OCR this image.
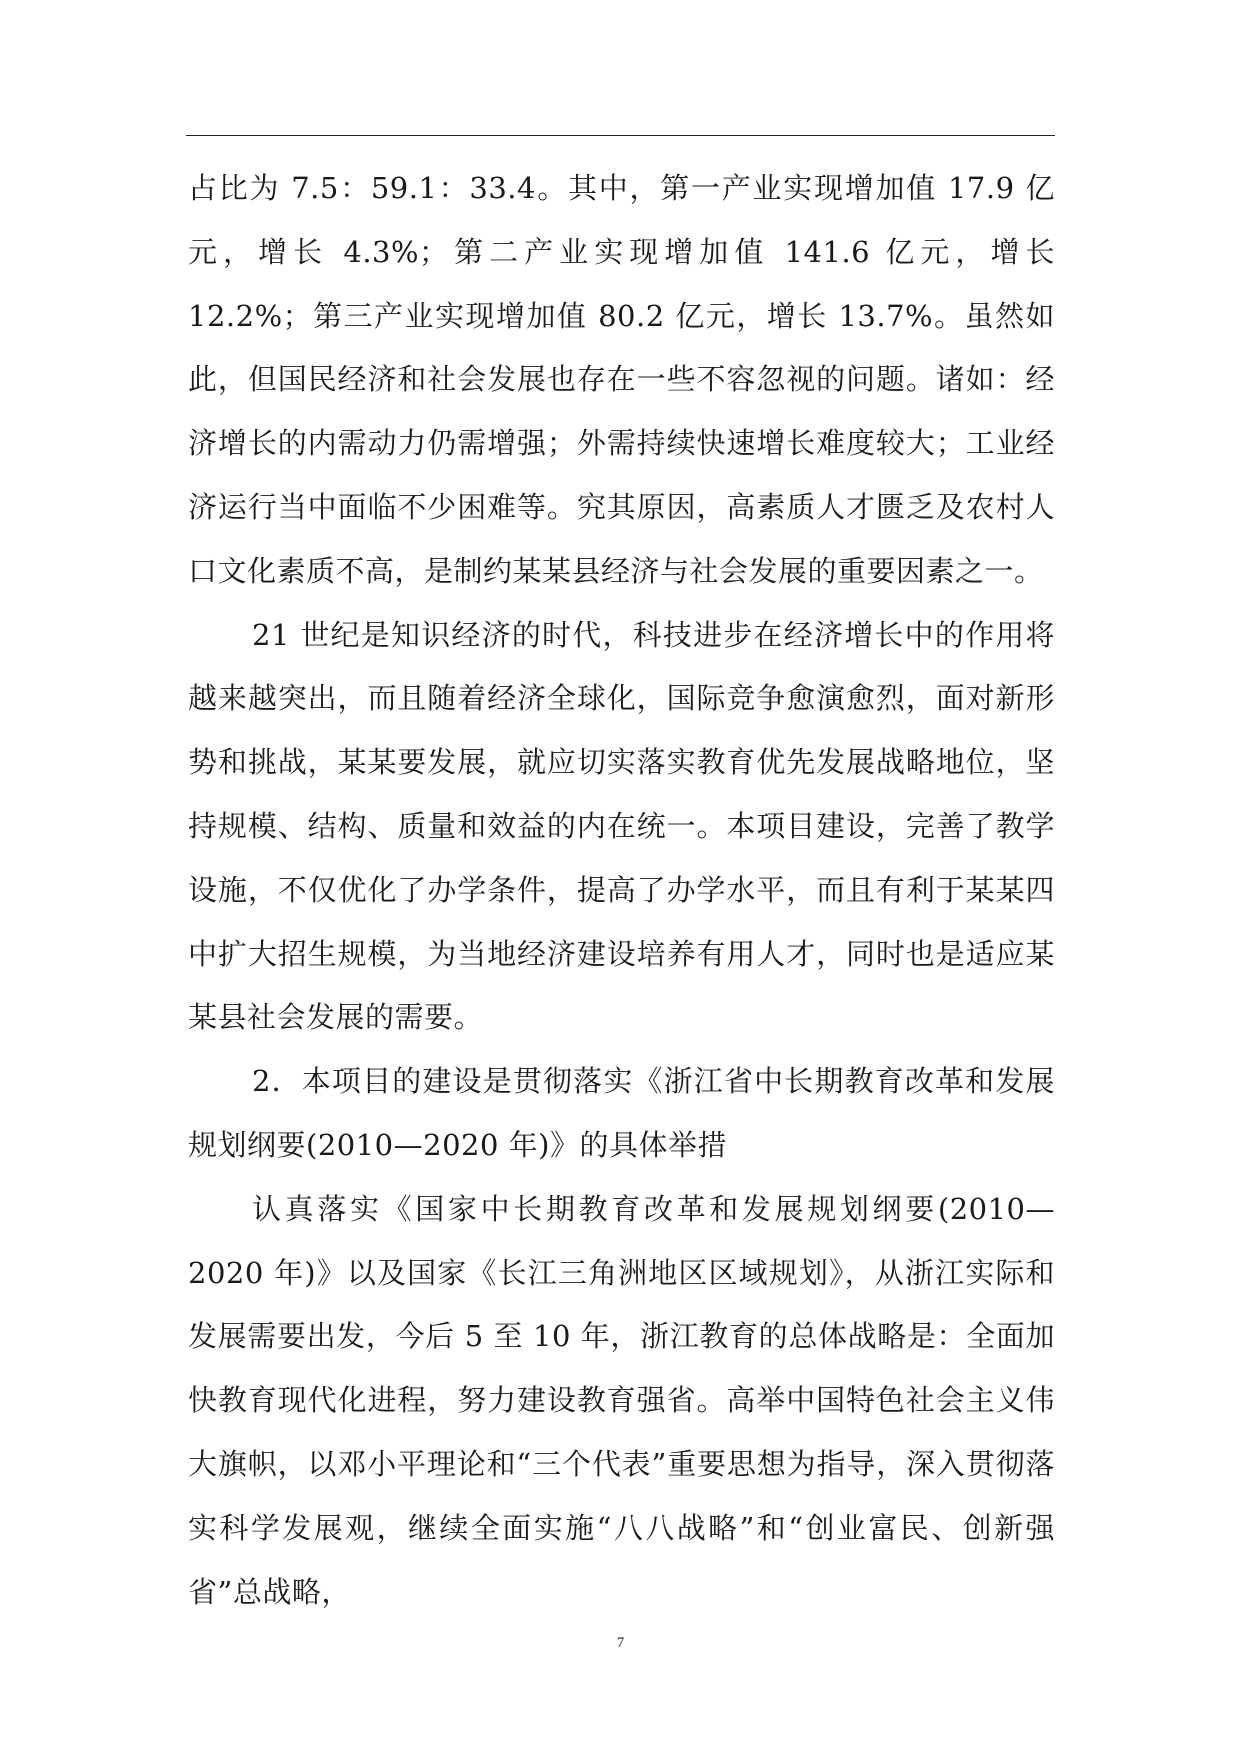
占比为 7.5：59.1：33.4。其中，第一产业实现增加值 17.9 亿元，增长 4.3%；第二产业实现增加值 141.6 亿元，增长 12.2%；第三产业实现增加值 80.2 亿元，增长 13.7%。虽然如此，但国民经济和社会发展也存在一些不容忽视的问题。诸如：经济增长的内需动力仍需增强；外需持续快速增长难度较大；工业经济运行当中面临不少困难等。究其原因，高素质人才匮乏及农村人口文化素质不高，是制约某某县经济与社会发展的重要因素之一。

21 世纪是知识经济的时代，科技进步在经济增长中的作用将越来越突出，而且随着经济全球化，国际竞争愈演愈烈，面对新形势和挑战，某某要发展，就应切实落实教育优先发展战略地位，坚持规模、结构、质量和效益的内在统一。本项目建设，完善了教学设施，不仅优化了办学条件，提高了办学水平，而且有利于某某四中扩大招生规模，为当地经济建设培养有用人才，同时也是适应某某县社会发展的需要。

2．本项目的建设是贯彻落实《浙江省中长期教育改革和发展规划纲要(2010—2020 年)》的具体举措

认真落实《国家中长期教育改革和发展规划纲要(2010—2020 年)》以及国家《长江三角洲地区区域规划》，从浙江实际和发展需要出发，今后 5 至 10 年，浙江教育的总体战略是：全面加快教育现代化进程，努力建设教育强省。高举中国特色社会主义伟大旗帜，以邓小平理论和“三个代表”重要思想为指导，深入贯彻落实科学发展观，继续全面实施“八八战略”和“创业富民、创新强省”总战略，

7
